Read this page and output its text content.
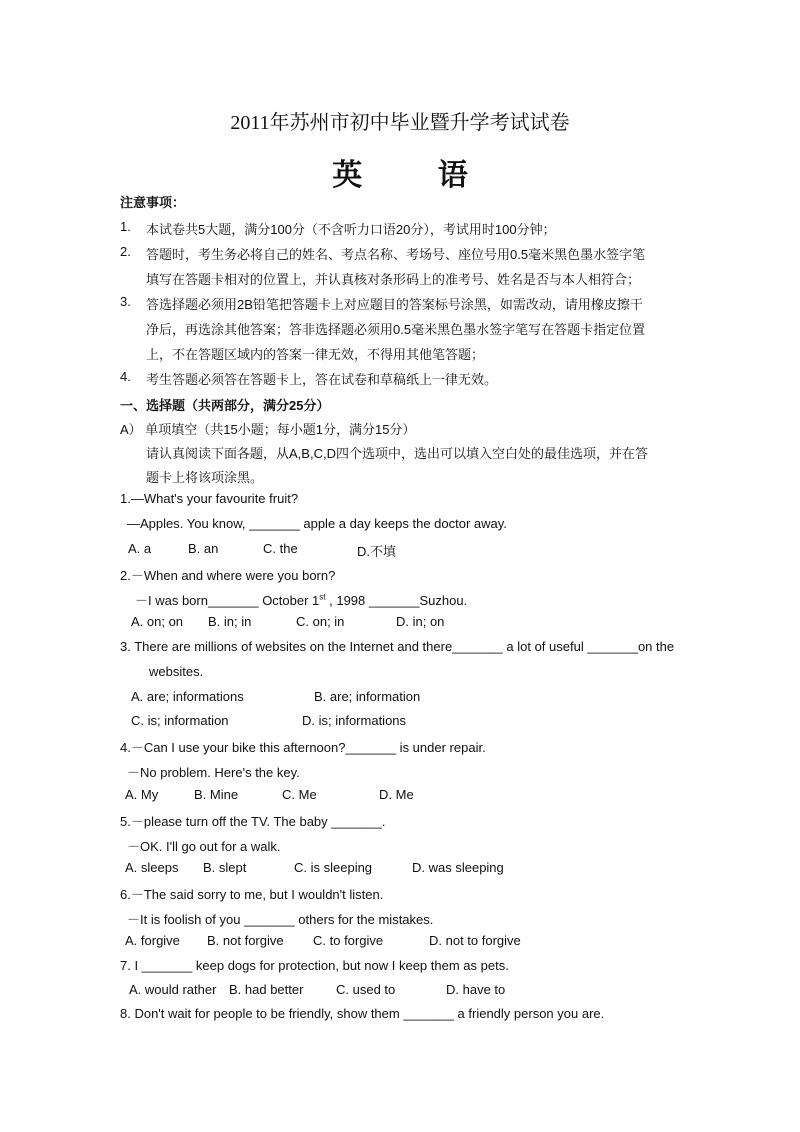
2011年苏州市初中毕业暨升学考试试卷
英 语
注意事项：
1. 本试卷共5大题，满分100分（不含听力口语20分），考试用时100分钟；
2. 答题时，考生务必将自己的姓名、考点名称、考场号、座位号用0.5毫米黑色墨水签字笔
填写在答题卡相对的位置上，并认真核对条形码上的准考号、姓名是否与本人相符合；
3. 答选择题必须用2B铅笔把答题卡上对应题目的答案标号涂黑，如需改动，请用橡皮擦干
净后，再选涂其他答案；答非选择题必须用0.5毫米黑色墨水签字笔写在答题卡指定位置
上，不在答题区域内的答案一律无效，不得用其他笔答题；
4. 考生答题必须答在答题卡上，答在试卷和草稿纸上一律无效。
一、选择题（共两部分，满分25分）
A） 单项填空（共15小题；每小题1分，满分15分）
请认真阅读下面各题，从A,B,C,D四个选项中，选出可以填入空白处的最佳选项，并在答
题卡上将该项涂黑。
1.—What's your favourite fruit?
—Apples. You know, _______ apple a day keeps the doctor away.
A. a	B. an	C. the	D.不填
2.－When and where were you born?
－I was born_______ October 1st , 1998 _______Suzhou.
A. on; on B. in; in	C. on; in	D. in; on
3. There are millions of websites on the Internet and there_______ a lot of useful _______on the
websites.
A. are; informations	B. are; information
C. is; information	D. is; informations
4.－Can I use your bike this afternoon?_______ is under repair.
－No problem. Here's the key.
A. My	B. Mine	C. Me	D. Me
5.－please turn off the TV. The baby _______.
－OK. I'll go out for a walk.
A. sleeps B. slept	C. is sleeping	D. was sleeping
6.－The said sorry to me, but I wouldn't listen.
－It is foolish of you _______ others for the mistakes.
A. forgive B. not forgive C. to forgive	D. not to forgive
7. I _______ keep dogs for protection, but now I keep them as pets.
A. would rather B. had better	C. used to	D. have to
8. Don't wait for people to be friendly, show them _______ a friendly person you are.
